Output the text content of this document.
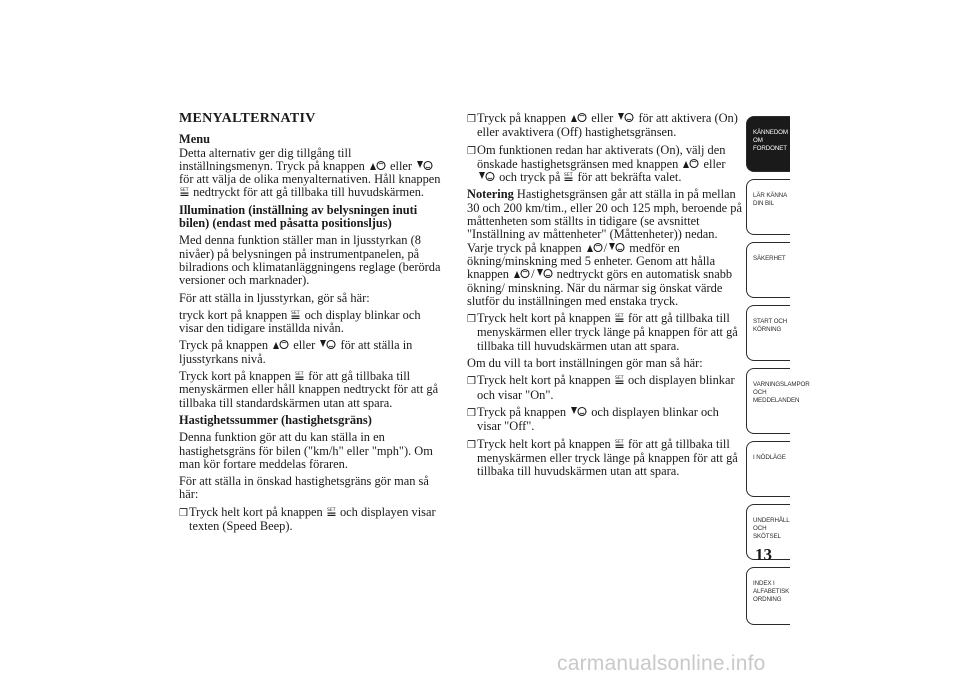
MENYALTERNATIV

Menu

Detta alternativ ger dig tillgång till inställningsmenyn. Tryck på knappen
eller
för att välja de olika menyalternativen. Håll knappen
SET nedtryckt för att gå tillbaka till huvudskärmen.

Illumination (inställning av belysningen inuti bilen) (endast med påsatta positionsljus)

Med denna funktion ställer man in ljusstyrkan (8 nivåer) på belysningen på instrumentpanelen, på bilradions och klimatanläggningens reglage (berörda versioner och marknader).

För att ställa in ljusstyrkan, gör så här:

tryck kort på knappen SET och display blinkar och visar den tidigare inställda nivån.

Tryck på knappen
eller
för att ställa in ljusstyrkans nivå.

Tryck kort på knappen SET för att gå tillbaka till menyskärmen eller håll knappen nedtryckt för att gå tillbaka till standardskärmen utan att spara.

Hastighetssummer (hastighetsgräns)

Denna funktion gör att du kan ställa in en hastighetsgräns för bilen ("km/h" eller "mph"). Om man kör fortare meddelas föraren.

För att ställa in önskad hastighetsgräns gör man så här:

❒Tryck helt kort på knappen SET och displayen visar texten (Speed Beep).

❒Tryck på knappen
eller
för att aktivera (On) eller avaktivera (Off) hastighetsgränsen.

❒Om funktionen redan har aktiverats (On), välj den önskade hastighetsgränsen med knappen
eller
och tryck på SET för att bekräfta valet.

Notering Hastighetsgränsen går att ställa in på mellan 30 och 200 km/tim., eller 20 och 125 mph, beroende på måttenheten som ställts in tidigare (se avsnittet "Inställning av måttenheter" (Måttenheter)) nedan. Varje tryck på knappen
/
medför en ökning/minskning med 5 enheter. Genom att hålla knappen
/
nedtryckt görs en automatisk snabb ökning/ minskning. När du närmar sig önskat värde slutför du inställningen med enstaka tryck.

❒Tryck helt kort på knappen SET för att gå tillbaka till menyskärmen eller tryck länge på knappen för att gå tillbaka till huvudskärmen utan att spara.

Om du vill ta bort inställningen gör man så här:

❒Tryck helt kort på knappen SET och displayen blinkar och visar "On".

❒Tryck på knappen
och displayen blinkar och visar "Off".

❒Tryck helt kort på knappen SET för att gå tillbaka till menyskärmen eller tryck länge på knappen för att gå tillbaka till huvudskärmen utan att spara.

KÄNNEDOM OM FORDONET
LÄR KÄNNA DIN BIL
SÄKERHET
START OCH KÖRNING
VARNINGSLAMPOR OCH MEDDELANDEN
I NÖDLÄGE
UNDERHÅLL OCH SKÖTSEL
INDEX I ALFABETISK ORDNING
13
carmanualsonline.info
